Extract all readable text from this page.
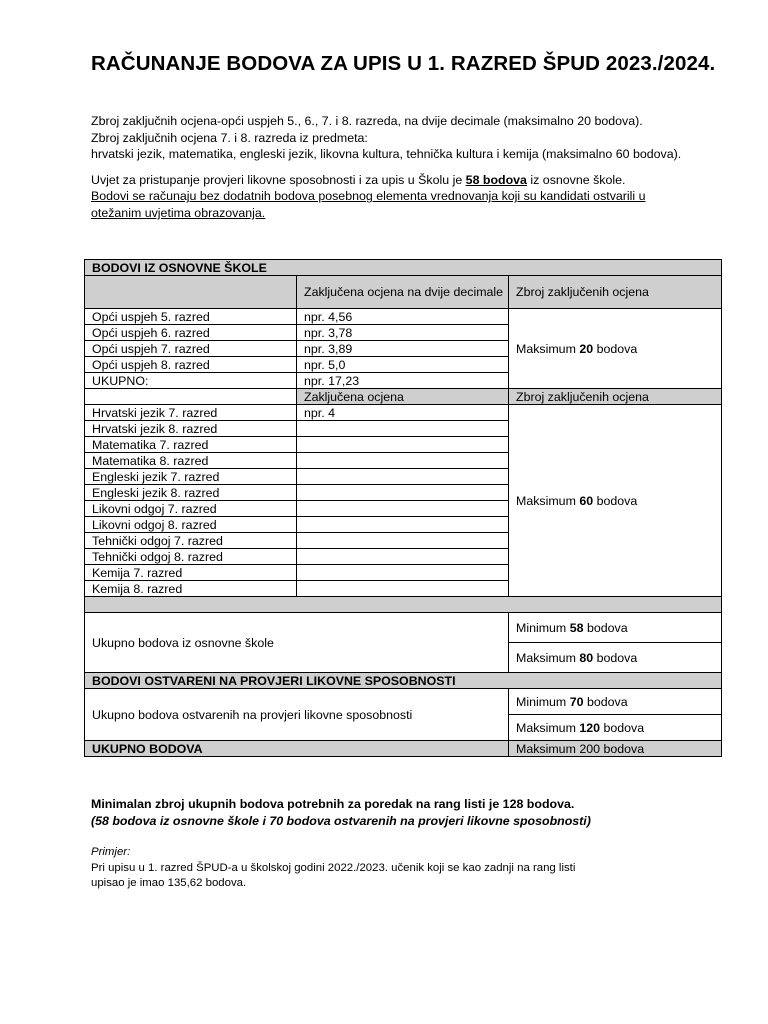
RAČUNANJE BODOVA ZA UPIS U 1. RAZRED ŠPUD 2023./2024.

Zbroj zaključnih ocjena-opći uspjeh 5., 6., 7. i 8. razreda, na dvije decimale (maksimalno 20 bodova).

Zbroj zaključnih ocjena 7. i 8. razreda iz predmeta:

hrvatski jezik, matematika, engleski jezik, likovna kultura, tehnička kultura i kemija (maksimalno 60 bodova).

Uvjet za pristupanje provjeri likovne sposobnosti i za upis u Školu je 58 bodova iz osnovne škole.

Bodovi se računaju bez dodatnih bodova posebnog elementa vrednovanja koji su kandidati ostvarili u otežanim uvjetima obrazovanja.

BODOVI IZ OSNOVNE ŠKOLE		
	Zaključena ocjena na dvije decimale	Zbroj zaključenih ocjena
Opći uspjeh 5. razred	npr. 4,56	Maksimum 20 bodova
Opći uspjeh 6. razred	npr. 3,78	
Opći uspjeh 7. razred	npr. 3,89	
Opći uspjeh 8. razred	npr. 5,0	
UKUPNO:	npr. 17,23	
	Zaključena ocjena	Zbroj zaključenih ocjena
Hrvatski jezik 7. razred	npr. 4	Maksimum 60 bodova
Hrvatski jezik 8. razred		
Matematika 7. razred		
Matematika 8. razred		
Engleski jezik 7. razred		
Engleski jezik 8. razred		
Likovni odgoj 7. razred		
Likovni odgoj 8. razred		
Tehnički odgoj 7. razred		
Tehnički odgoj 8. razred		
Kemija 7. razred		
Kemija 8. razred		

Ukupno bodova iz osnovne škole		Minimum 58 bodova
		Maksimum 80 bodova
BODOVI OSTVARENI NA PROVJERI LIKOVNE SPOSOBNOSTI		
Ukupno bodova ostvarenih na provjeri likovne sposobnosti		Minimum 70 bodova
		Maksimum 120 bodova
UKUPNO BODOVA		Maksimum 200 bodova
Minimalan zbroj ukupnih bodova potrebnih za poredak na rang listi je 128 bodova.
(58 bodova iz osnovne škole i 70 bodova ostvarenih na provjeri likovne sposobnosti)
Primjer:
Pri upisu u 1. razred ŠPUD-a u školskoj godini 2022./2023. učenik koji se kao zadnji na rang listi upisao je imao 135,62 bodova.
